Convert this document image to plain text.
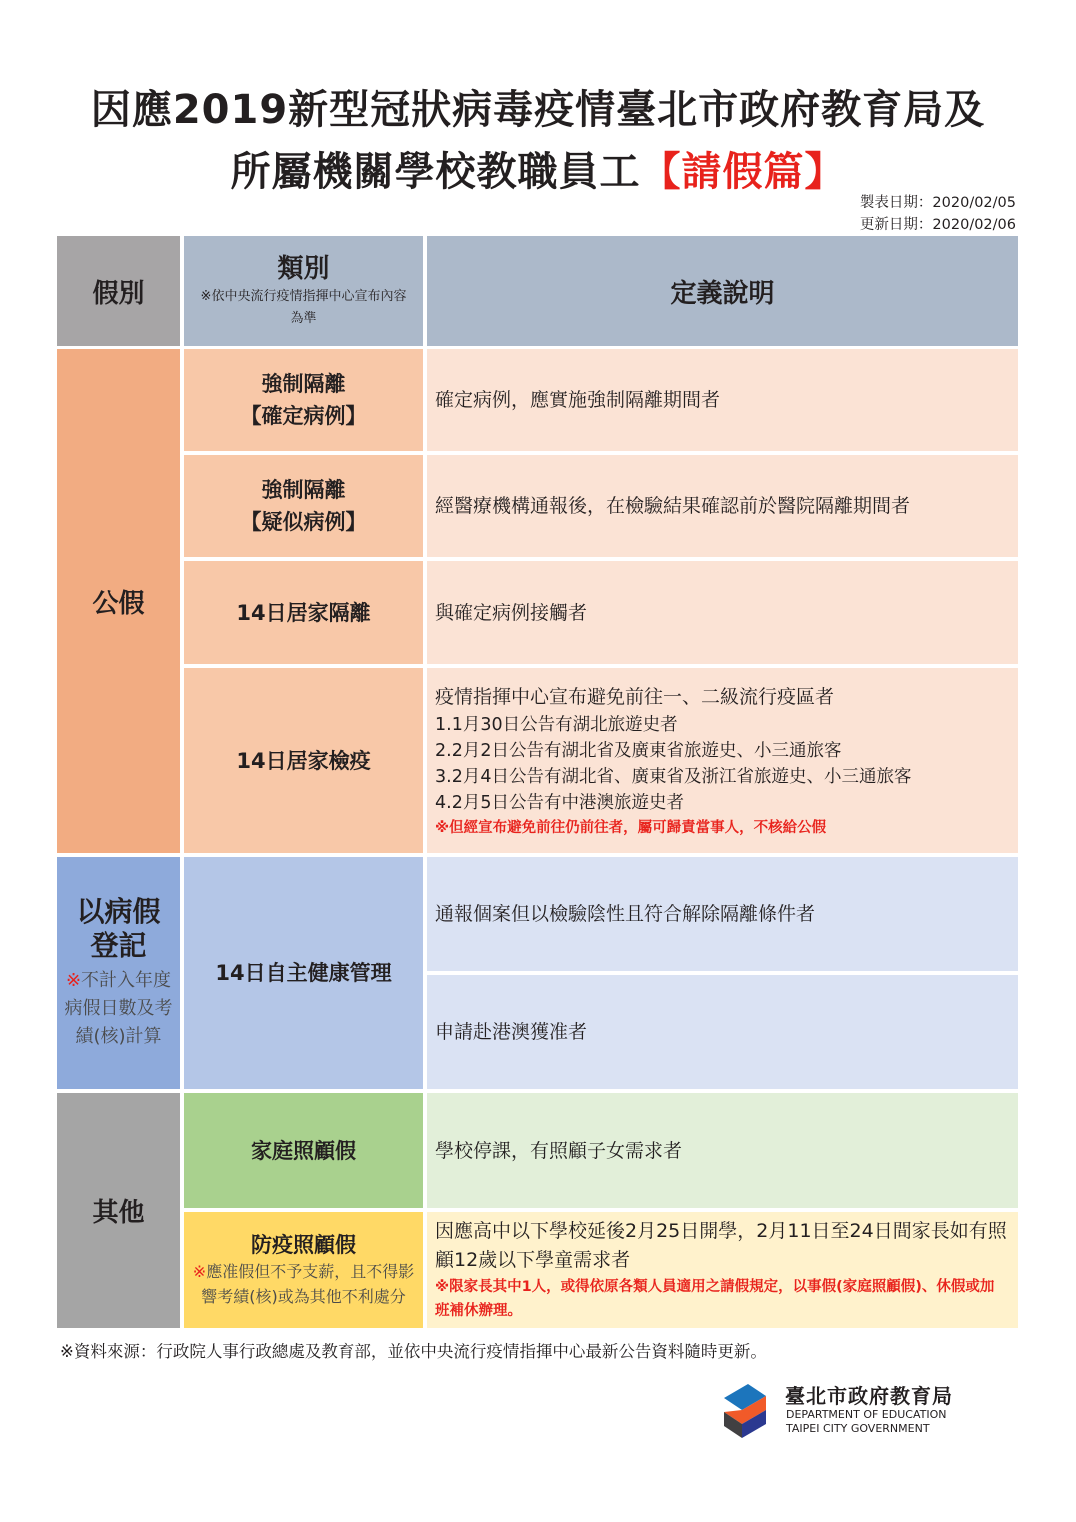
因應2019新型冠狀病毒疫情臺北市政府教育局及
所屬機關學校教職員工【請假篇】
製表日期：2020/02/05
更新日期：2020/02/06
假別
類別
※依中央流行疫情指揮中心宣布內容為準
定義說明
公假
強制隔離
【確定病例】
確定病例，應實施強制隔離期間者
強制隔離
【疑似病例】
經醫療機構通報後，在檢驗結果確認前於醫院隔離期間者
14日居家隔離	與確定病例接觸者
14日居家檢疫
疫情指揮中心宣布避免前往一、二級流行疫區者
1.1月30日公告有湖北旅遊史者
2.2月2日公告有湖北省及廣東省旅遊史、小三通旅客
3.2月4日公告有湖北省、廣東省及浙江省旅遊史、小三通旅客
4.2月5日公告有中港澳旅遊史者
※但經宣布避免前往仍前往者，屬可歸責當事人，不核給公假
以病假
登記
※不計入年度病假日數及考績(核)計算
14日自主健康管理
通報個案但以檢驗陰性且符合解除隔離條件者
申請赴港澳獲准者
其他
家庭照顧假	學校停課，有照顧子女需求者
防疫照顧假
※應准假但不予支薪，且不得影響考績(核)或為其他不利處分
因應高中以下學校延後2月25日開學，2月11日至24日間家長如有照顧12歲以下學童需求者
※限家長其中1人，或得依原各類人員適用之請假規定，以事假(家庭照顧假)、休假或加班補休辦理。
※資料來源：行政院人事行政總處及教育部，並依中央流行疫情指揮中心最新公告資料隨時更新。
臺北市政府教育局
DEPARTMENT OF EDUCATION
TAIPEI CITY GOVERNMENT
